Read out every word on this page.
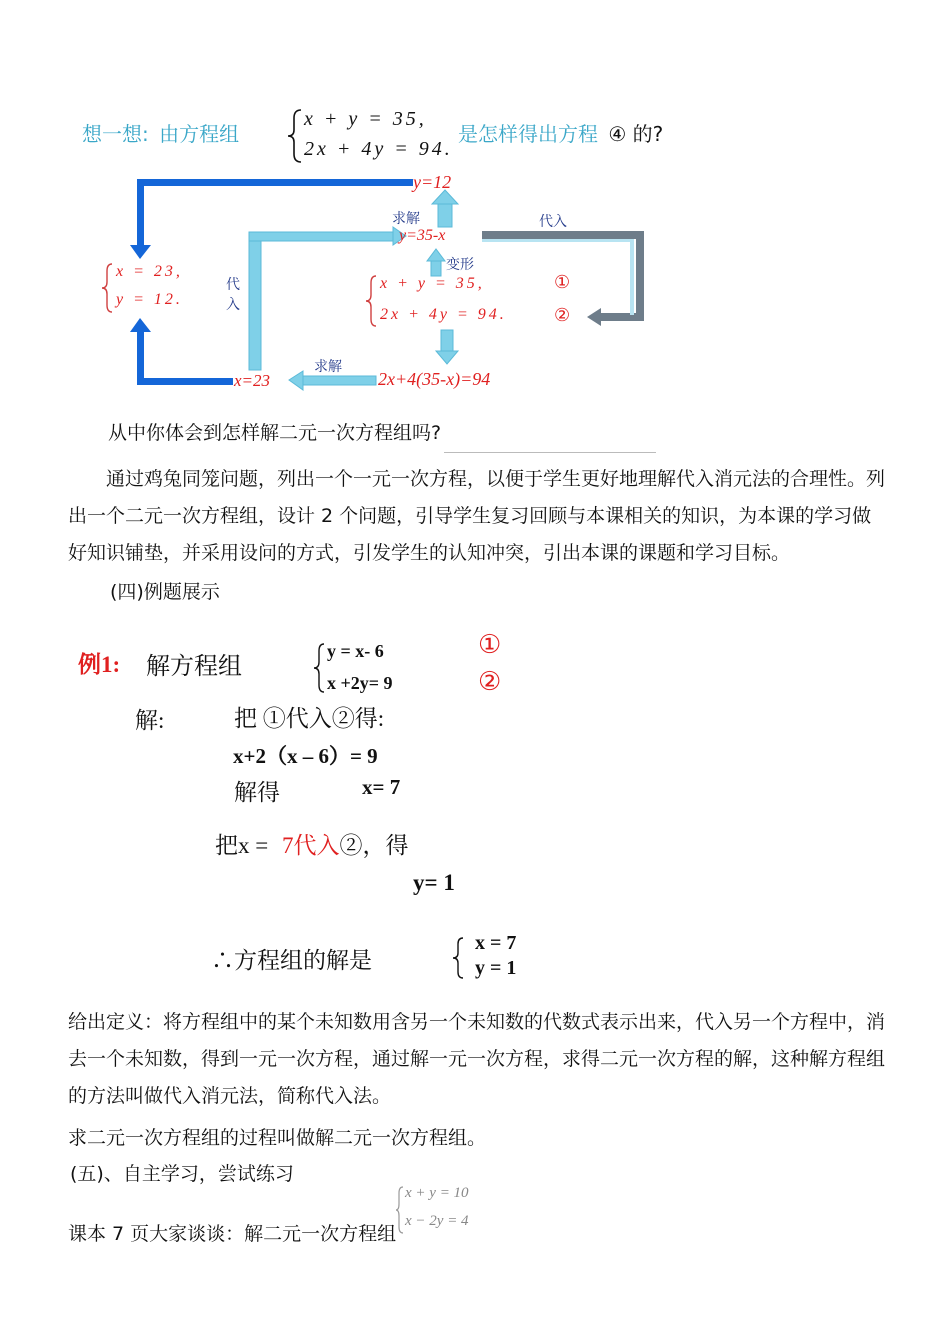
想一想: 由方程组
x + y = 35,
2x + 4y = 94.
是怎样得出方程 ④ 的?
y=12
求解
y=35-x
代入
变形
x = 23,
y = 12.
代
入
x + y = 35,
2x + 4y = 94.
①
②
求解
x=23	2x+4(35-x)=94
从中你体会到怎样解二元一次方程组吗?
通过鸡兔同笼问题，列出一个一元一次方程，以便于学生更好地理解代入消元法的合理性。列出一个二元一次方程组，设计 2 个问题，引导学生复习回顾与本课相关的知识，为本课的学习做好知识铺垫，并采用设问的方式，引发学生的认知冲突，引出本课的课题和学习目标。
(四)例题展示
例1: 解方程组
y = x- 6
x +2y= 9
①
②
解:	把 ①代入②得:
x+2（x – 6）= 9
解得	x= 7
把x = 7代入②，得
y= 1
∴方程组的解是
x = 7
y = 1
给出定义：将方程组中的某个未知数用含另一个未知数的代数式表示出来，代入另一个方程中，消去一个未知数，得到一元一次方程，通过解一元一次方程，求得二元一次方程的解，这种解方程组的方法叫做代入消元法，简称代入法。
求二元一次方程组的过程叫做解二元一次方程组。
(五)、自主学习，尝试练习
课本 7 页大家谈谈：解二元一次方程组
x + y = 10
x − 2y = 4
